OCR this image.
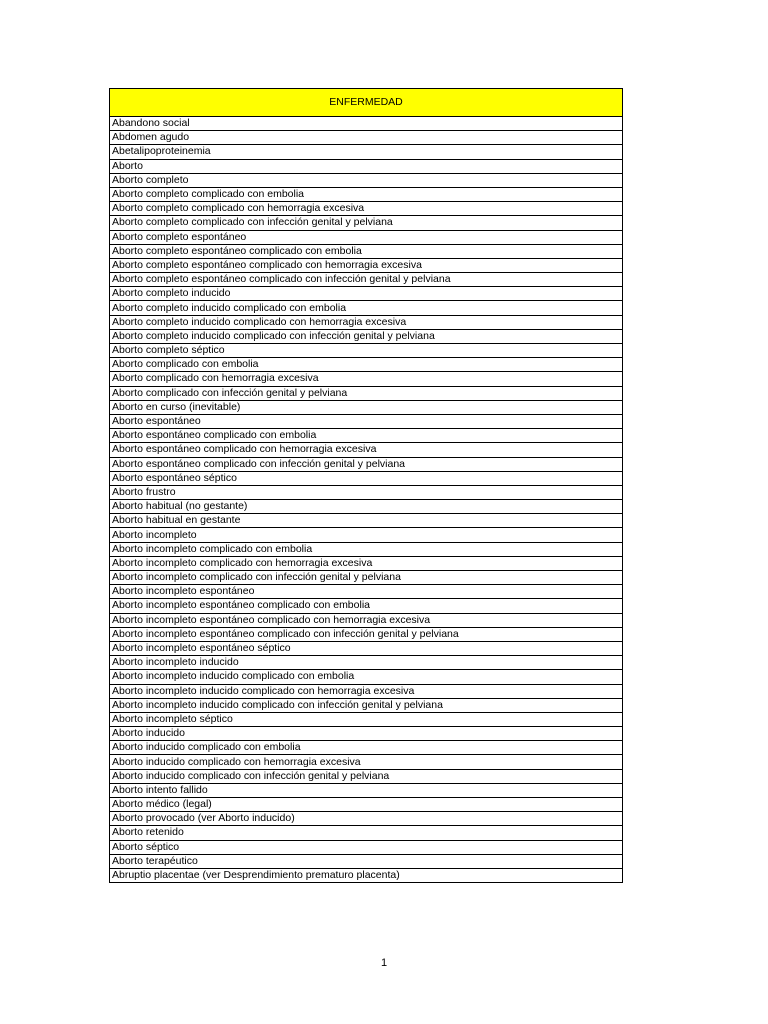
ENFERMEDAD
Abandono social
Abdomen agudo
Abetalipoproteinemia
Aborto
Aborto completo
Aborto completo complicado con embolia
Aborto completo complicado con hemorragia excesiva
Aborto completo complicado con infección genital y pelviana
Aborto completo espontáneo
Aborto completo espontáneo complicado con embolia
Aborto completo espontáneo complicado con hemorragia excesiva
Aborto completo espontáneo complicado con infección genital y pelviana
Aborto completo inducido
Aborto completo inducido complicado con embolia
Aborto completo inducido complicado con hemorragia excesiva
Aborto completo inducido complicado con infección genital y pelviana
Aborto completo séptico
Aborto complicado con embolia
Aborto complicado con hemorragia excesiva
Aborto complicado con infección genital y pelviana
Aborto en curso (inevitable)
Aborto espontáneo
Aborto espontáneo complicado con embolia
Aborto espontáneo complicado con hemorragia excesiva
Aborto espontáneo complicado con infección genital y pelviana
Aborto espontáneo séptico
Aborto frustro
Aborto habitual (no gestante)
Aborto habitual en gestante
Aborto incompleto
Aborto incompleto complicado con embolia
Aborto incompleto complicado con hemorragia excesiva
Aborto incompleto complicado con infección genital y pelviana
Aborto incompleto espontáneo
Aborto incompleto espontáneo complicado con embolia
Aborto incompleto espontáneo complicado con hemorragia excesiva
Aborto incompleto espontáneo complicado con infección genital y pelviana
Aborto incompleto espontáneo séptico
Aborto incompleto inducido
Aborto incompleto inducido complicado con embolia
Aborto incompleto inducido complicado con hemorragia excesiva
Aborto incompleto inducido complicado con infección genital y pelviana
Aborto incompleto séptico
Aborto inducido
Aborto inducido complicado con embolia
Aborto inducido complicado con hemorragia excesiva
Aborto inducido complicado con infección genital y pelviana
Aborto intento fallido
Aborto médico (legal)
Aborto provocado (ver Aborto inducido)
Aborto retenido
Aborto séptico
Aborto terapéutico
Abruptio placentae (ver Desprendimiento prematuro placenta)
1
